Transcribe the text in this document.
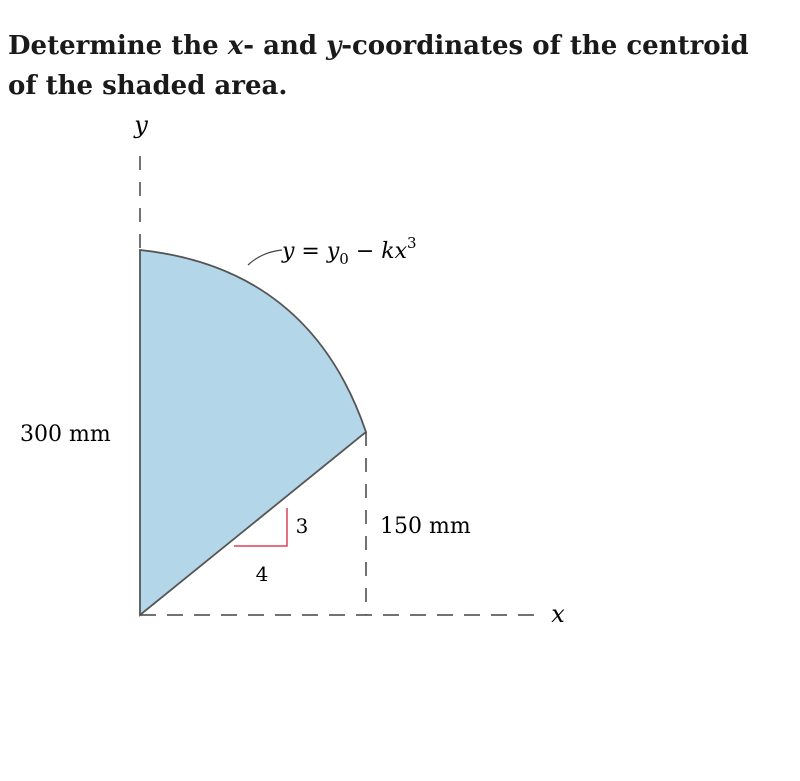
Determine the x- and y-coordinates of the centroid
of the shaded area.
y
x
$y = y_0 - kx^3$
300 mm
150 mm
3
4
